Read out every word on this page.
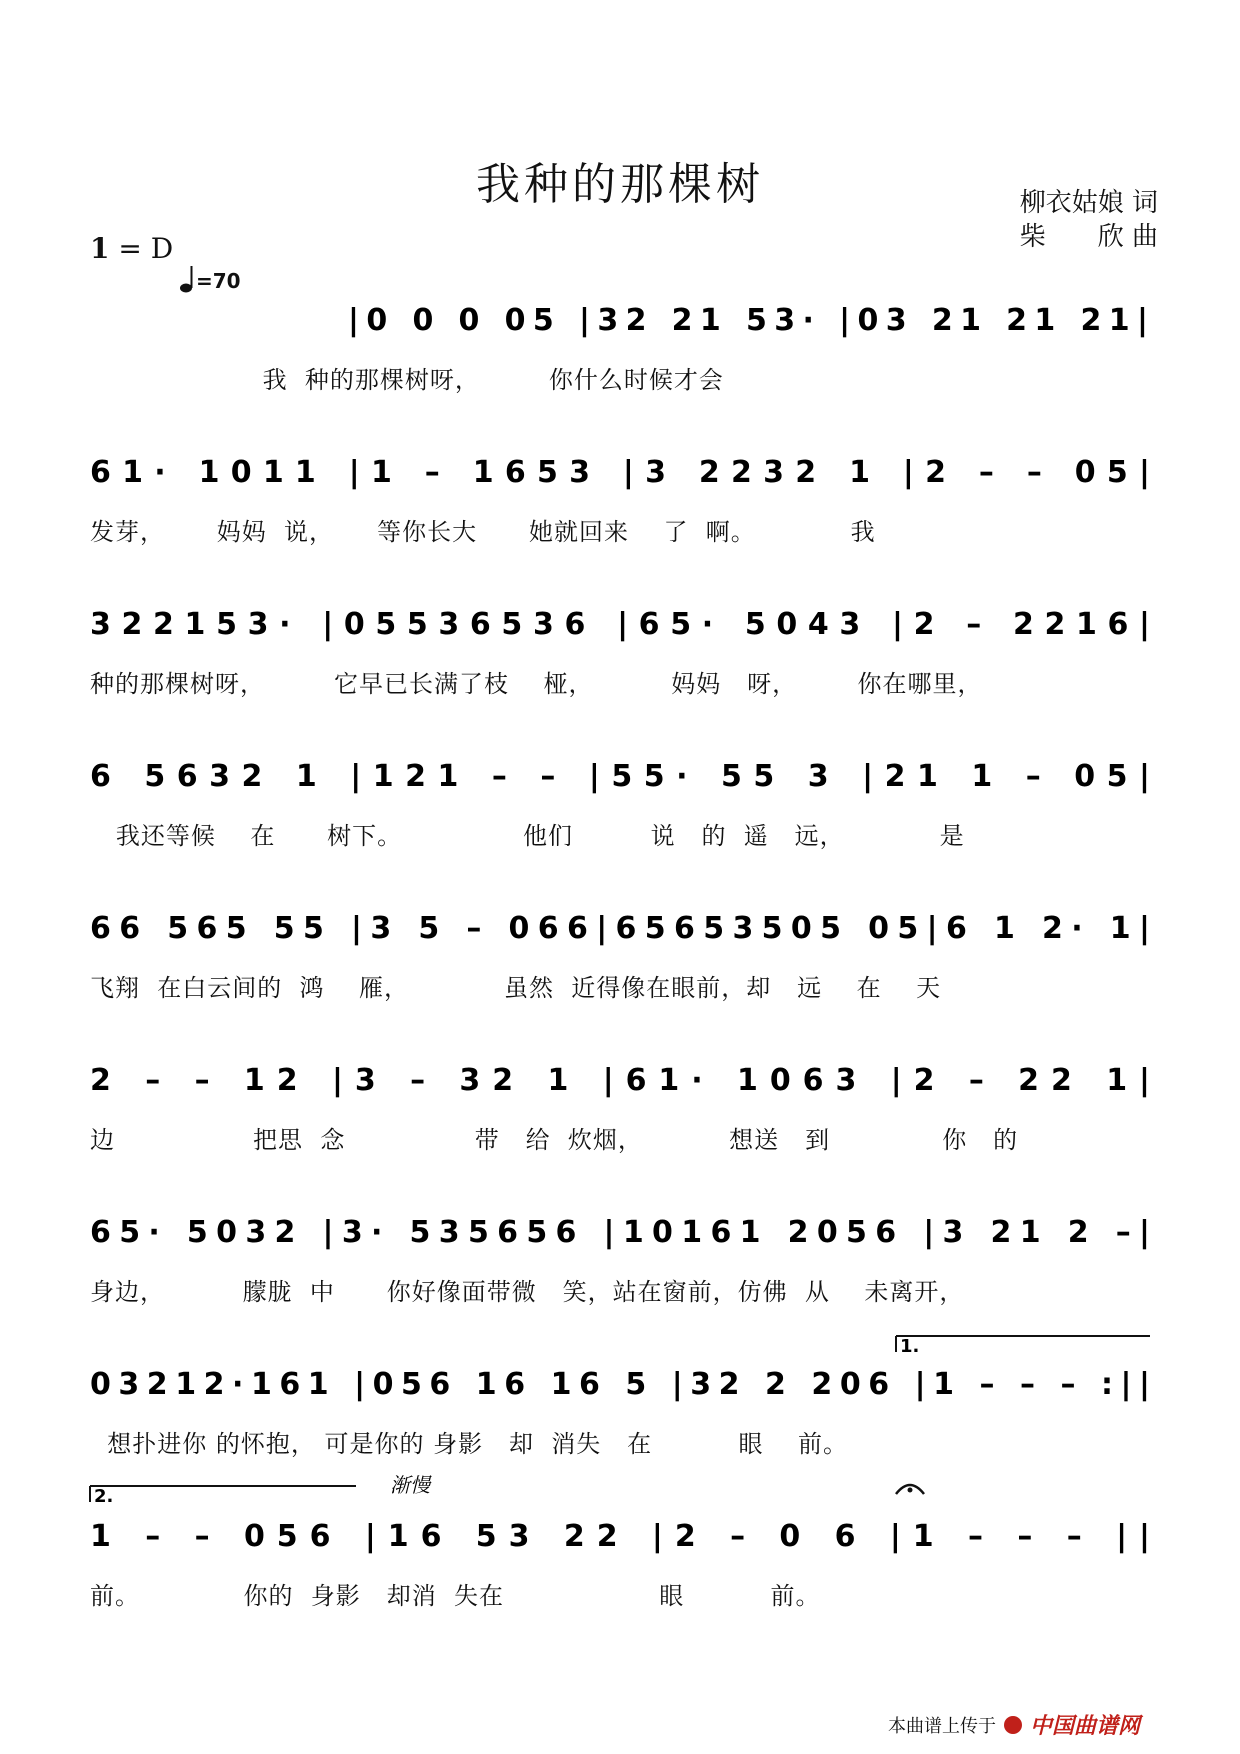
我种的那棵树	柳衣姑娘 词
柴　　欣 曲
1 = D
=70
|0 0 0 05 |32 21 53· |03 21 21 21|
61· 1011 |1 – 1653 |3 2232 1 |2 – – 05|
322153· |05536536 |65· 5043 |2 – 2216|
6 5632 1 |121 – – |55· 55 3 |21 1 – 05|
66 565 55 |3 5 – 066|65653505 05|6 1 2· 1|
2 – – 12 |3 – 32 1 |61· 1063 |2 – 22 1|
65· 5032 |3· 535656 |10161 2056 |3 21 2 –|
03212·161 |056 16 16 5 |32 2 206 |1 – – – :||
1 – – 056 |16 53 22 |2 – 0 6 |1 – – – ||
1.
2.	渐慢
我  种的那棵树呀，        你什么时候才会
发芽，      妈妈  说，     等你长大      她就回来    了  啊。           我
种的那棵树呀，        它早已长满了枝    桠，         妈妈   呀，       你在哪里，
我还等候    在      树下。              他们         说   的  遥   远，           是
飞翔  在白云间的  鸿    雁，           虽然  近得像在眼前，却   远    在    天
边                把思  念               带   给  炊烟，          想送   到             你   的
身边，         朦胧  中      你好像面带微   笑，站在窗前，仿佛  从    未离开，
想扑进你 的怀抱， 可是你的 身影   却  消失   在          眼    前。
前。            你的  身影   却消  失在                  眼          前。
本曲谱上传于 中国曲谱网
